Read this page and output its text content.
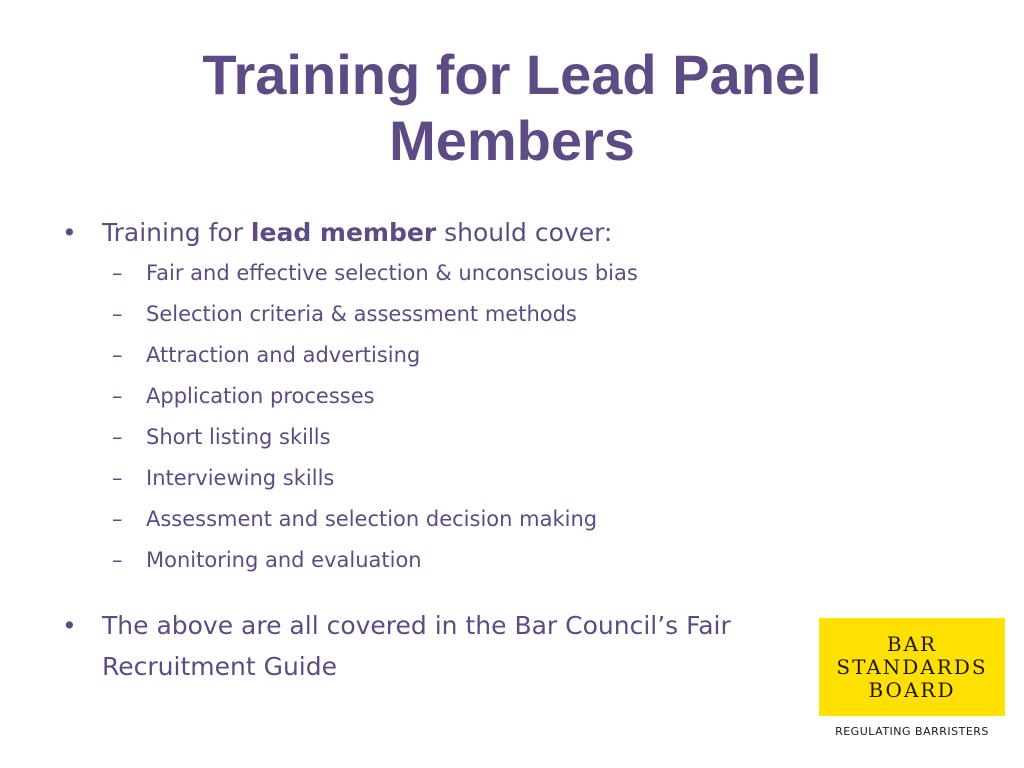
Training for Lead Panel
Members
• Training for lead member should cover:
– Fair and effective selection & unconscious bias
– Selection criteria & assessment methods
– Attraction and advertising
– Application processes
– Short listing skills
– Interviewing skills
– Assessment and selection decision making
– Monitoring and evaluation
• The above are all covered in the Bar Council’s Fair Recruitment Guide
BAR
STANDARDS
BOARD
REGULATING BARRISTERS
